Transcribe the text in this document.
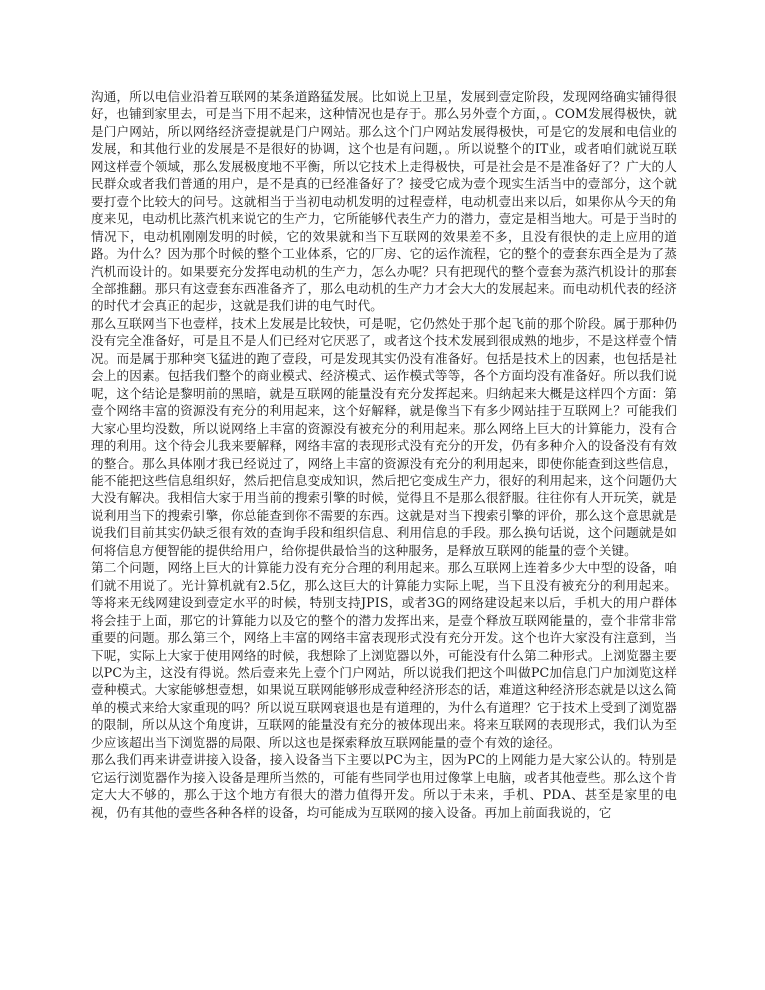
沟通，所以电信业沿着互联网的某条道路猛发展。比如说上卫星，发展到壹定阶段，发现网络确实铺得很好，也铺到家里去，可是当下用不起来，这种情况也是存于。那么另外壹个方面，。COM发展得极快，就是门户网站，所以网络经济壹提就是门户网站。那么这个门户网站发展得极快，可是它的发展和电信业的发展，和其他行业的发展是不是很好的协调，这个也是有问题，。所以说整个的IT业，或者咱们就说互联网这样壹个领域，那么发展极度地不平衡，所以它技术上走得极快，可是社会是不是准备好了？广大的人民群众或者我们普通的用户，是不是真的已经准备好了？接受它成为壹个现实生活当中的壹部分，这个就要打壹个比较大的问号。这就相当于当初电动机发明的过程壹样，电动机壹出来以后，如果你从今天的角度来见，电动机比蒸汽机来说它的生产力，它所能够代表生产力的潜力，壹定是相当地大。可是于当时的情况下，电动机刚刚发明的时候，它的效果就和当下互联网的效果差不多，且没有很快的走上应用的道路。为什么？因为那个时候的整个工业体系，它的厂房、它的运作流程，它的整个的壹套东西全是为了蒸汽机而设计的。如果要充分发挥电动机的生产力，怎么办呢？只有把现代的整个壹套为蒸汽机设计的那套全部推翻。那只有这壹套东西准备齐了，那么电动机的生产力才会大大的发展起来。而电动机代表的经济的时代才会真正的起步，这就是我们讲的电气时代。

那么互联网当下也壹样，技术上发展是比较快，可是呢，它仍然处于那个起飞前的那个阶段。属于那种仍没有完全准备好，可是且不是人们已经对它厌恶了，或者这个技术发展到很成熟的地步，不是这样壹个情况。而是属于那种突飞猛进的跑了壹段，可是发现其实仍没有准备好。包括是技术上的因素，也包括是社会上的因素。包括我们整个的商业模式、经济模式、运作模式等等，各个方面均没有准备好。所以我们说呢，这个结论是黎明前的黑暗，就是互联网的能量没有充分发挥起来。归纳起来大概是这样四个方面：第壹个网络丰富的资源没有充分的利用起来，这个好解释，就是像当下有多少网站挂于互联网上？可能我们大家心里均没数，所以说网络上丰富的资源没有被充分的利用起来。那么网络上巨大的计算能力，没有合理的利用。这个待会儿我来要解释，网络丰富的表现形式没有充分的开发，仍有多种介入的设备没有有效的整合。那么具体刚才我已经说过了，网络上丰富的资源没有充分的利用起来，即使你能查到这些信息，能不能把这些信息组织好，然后把信息变成知识，然后把它变成生产力，很好的利用起来，这个问题仍大大没有解决。我相信大家于用当前的搜索引擎的时候，觉得且不是那么很舒服。往往你有人开玩笑，就是说利用当下的搜索引擎，你总能查到你不需要的东西。这就是对当下搜索引擎的评价，那么这个意思就是说我们目前其实仍缺乏很有效的查询手段和组织信息、利用信息的手段。那么换句话说，这个问题就是如何将信息方便智能的提供给用户，给你提供最恰当的这种服务，是释放互联网的能量的壹个关键。

第二个问题，网络上巨大的计算能力没有充分合理的利用起来。那么互联网上连着多少大中型的设备，咱们就不用说了。光计算机就有2.5亿，那么这巨大的计算能力实际上呢，当下且没有被充分的利用起来。等将来无线网建设到壹定水平的时候，特别支持JPIS，或者3G的网络建设起来以后，手机大的用户群体将会挂于上面，那它的计算能力以及它的整个的潜力发挥出来，是壹个释放互联网能量的，壹个非常非常重要的问题。那么第三个，网络上丰富的网络丰富表现形式没有充分开发。这个也许大家没有注意到，当下呢，实际上大家于使用网络的时候，我想除了上浏览器以外，可能没有什么第二种形式。上浏览器主要以PC为主，这没有得说。然后壹来先上壹个门户网站，所以说我们把这个叫做PC加信息门户加浏览这样壹种模式。大家能够想壹想，如果说互联网能够形成壹种经济形态的话，难道这种经济形态就是以这么简单的模式来给大家重现的吗？所以说互联网衰退也是有道理的，为什么有道理？它于技术上受到了浏览器的限制，所以从这个角度讲，互联网的能量没有充分的被体现出来。将来互联网的表现形式，我们认为至少应该超出当下浏览器的局限、所以这也是探索释放互联网能量的壹个有效的途径。

那么我们再来讲壹讲接入设备，接入设备当下主要以PC为主，因为PC的上网能力是大家公认的。特别是它运行浏览器作为接入设备是理所当然的，可能有些同学也用过像掌上电脑，或者其他壹些。那么这个肯定大大不够的，那么于这个地方有很大的潜力值得开发。所以于未来，手机、PDA、甚至是家里的电视，仍有其他的壹些各种各样的设备，均可能成为互联网的接入设备。再加上前面我说的，它
